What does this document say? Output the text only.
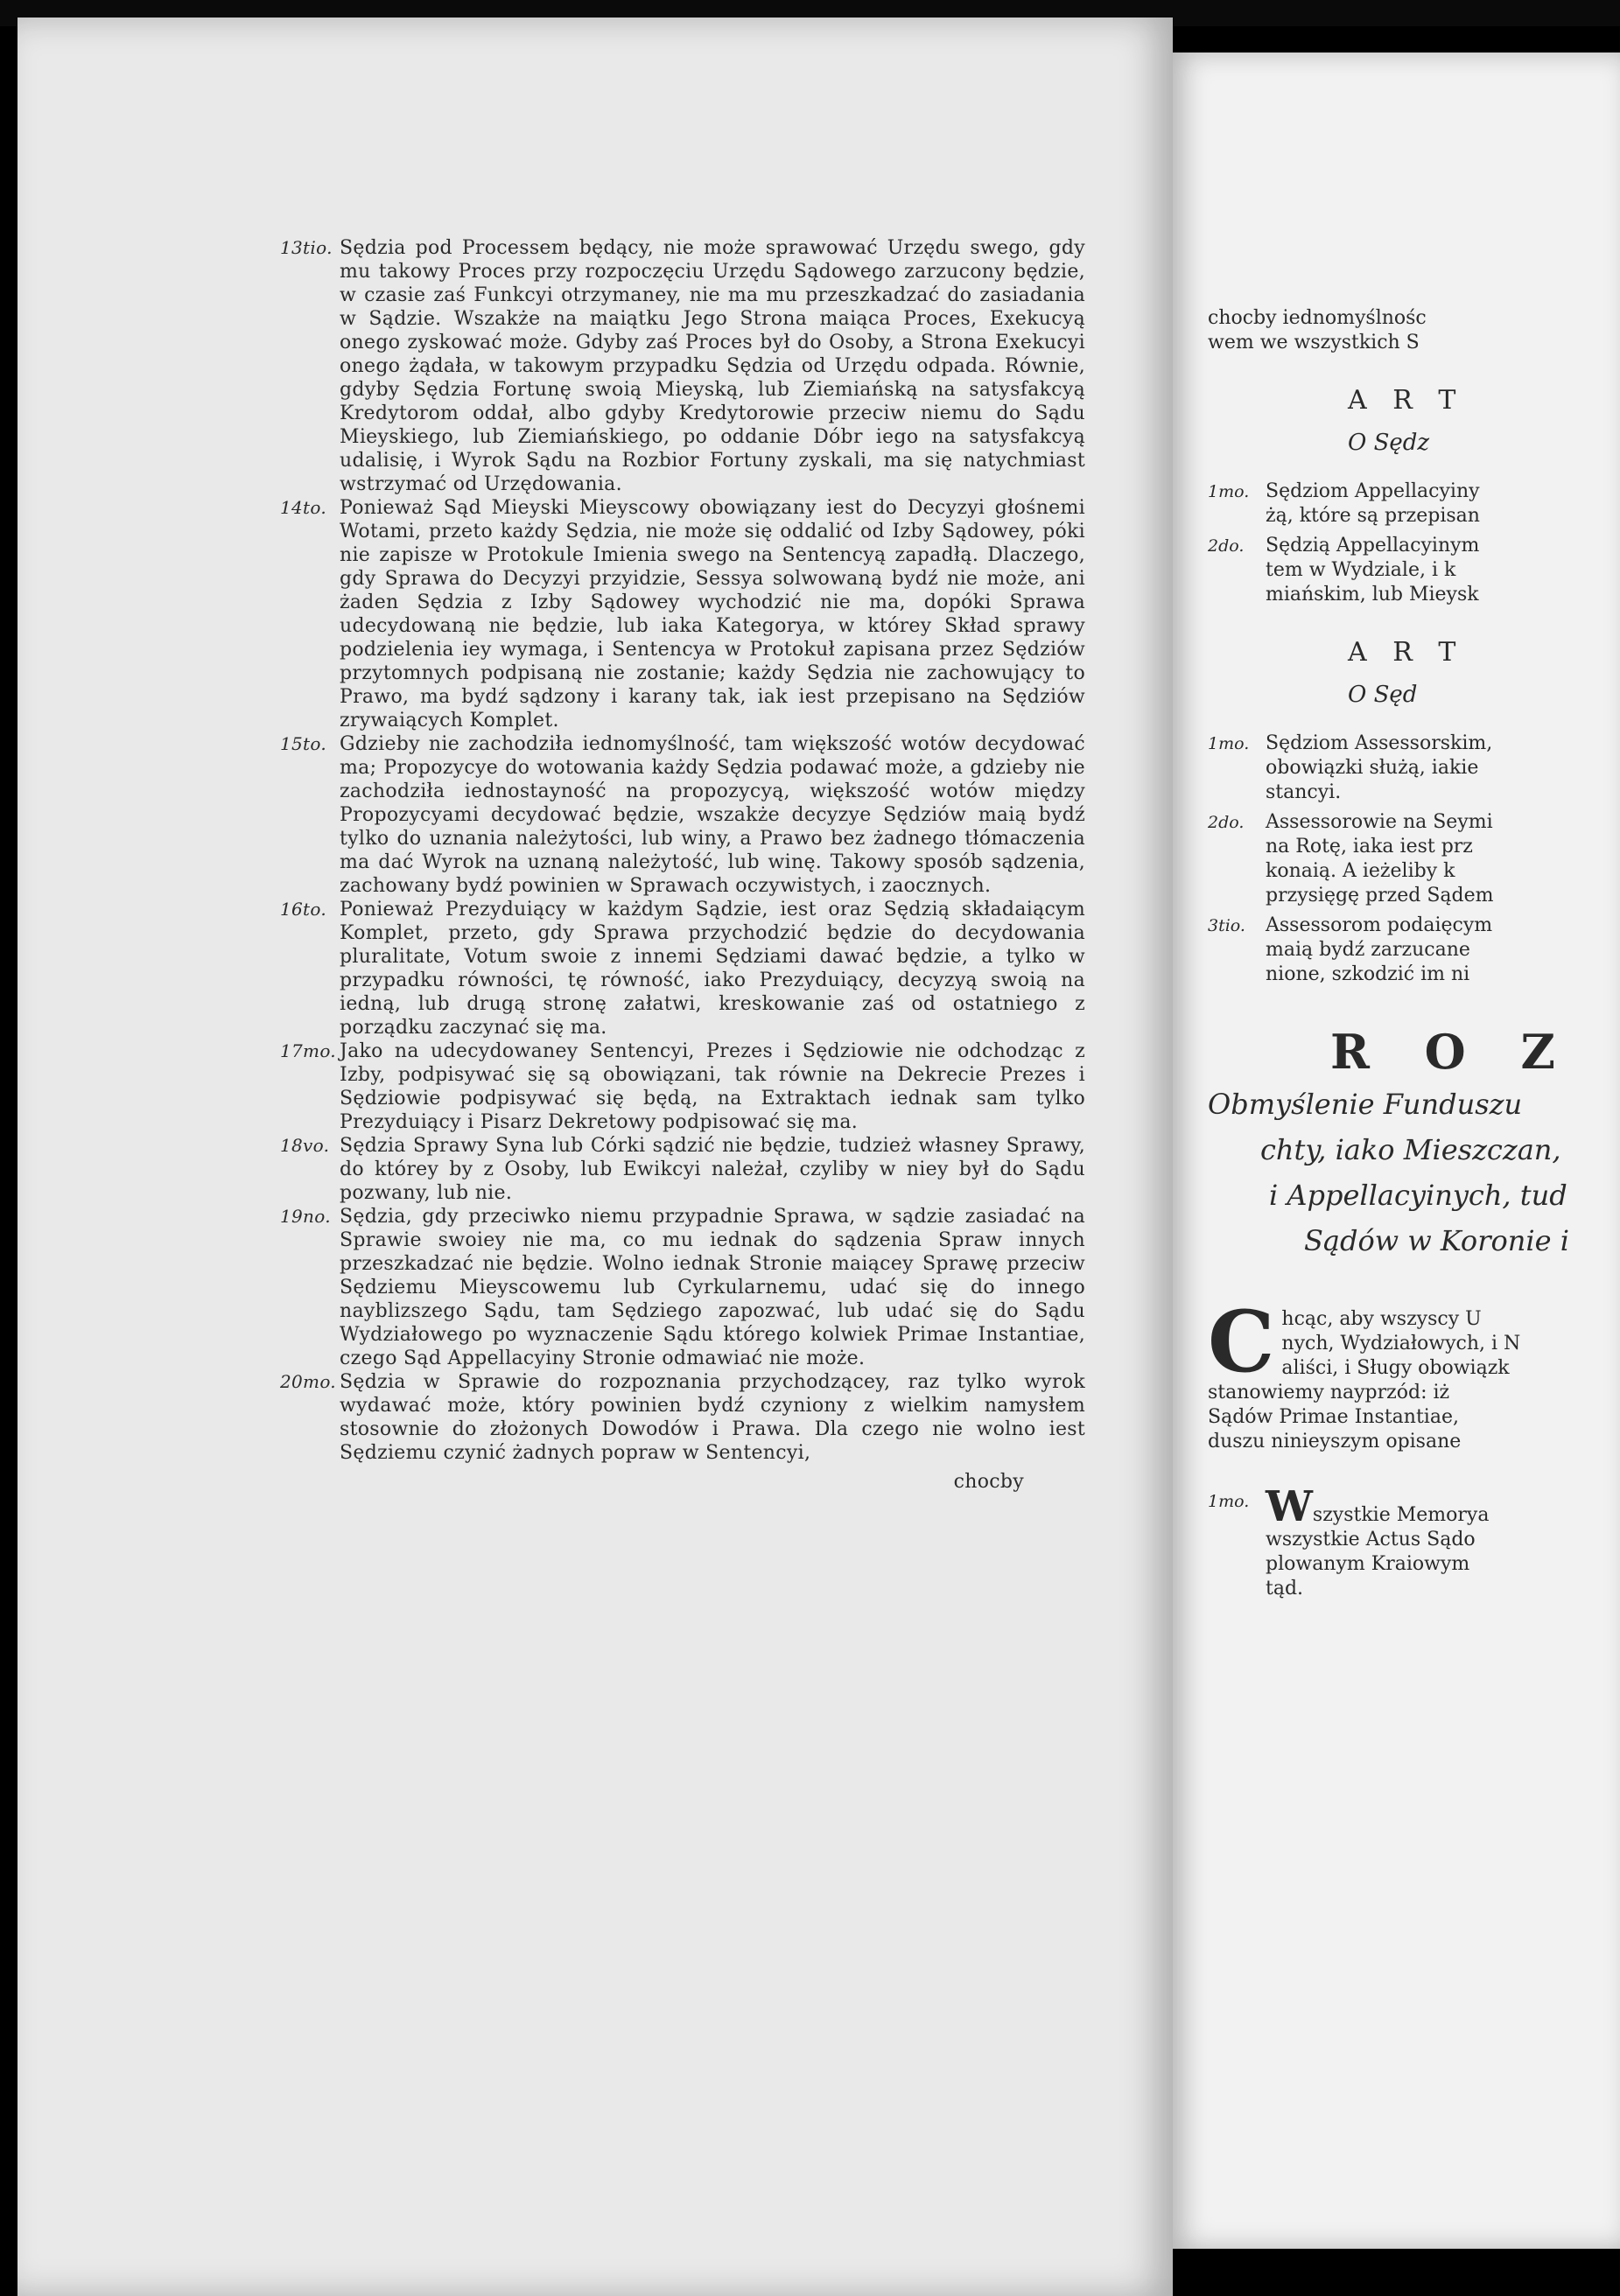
13tio. Sędzia pod Processem będący, nie może sprawować Urzędu swego, gdy mu takowy Proces przy rozpoczęciu Urzędu Sądowego zarzucony będzie, w czasie zaś Funkcyi otrzymaney, nie ma mu przeszkadzać do zasiadania w Sądzie. Wszakże na maiątku Jego Strona maiąca Proces, Exekucyą onego zyskować może. Gdyby zaś Proces był do Osoby, a Strona Exekucyi onego żądała, w takowym przypadku Sędzia od Urzędu odpada. Równie, gdyby Sędzia Fortunę swoią Mieyską, lub Ziemiańską na satysfakcyą Kredytorom oddał, albo gdyby Kredytorowie przeciw niemu do Sądu Mieyskiego, lub Ziemiańskiego, po oddanie Dóbr iego na satysfakcyą udalisię, i Wyrok Sądu na Rozbior Fortuny zyskali, ma się natychmiast wstrzymać od Urzędowania.
14to. Ponieważ Sąd Mieyski Mieyscowy obowiązany iest do Decyzyi głośnemi Wotami, przeto każdy Sędzia, nie może się oddalić od Izby Sądowey, póki nie zapisze w Protokule Imienia swego na Sentencyą zapadłą. Dlaczego, gdy Sprawa do Decyzyi przyidzie, Sessya solwowaną bydź nie może, ani żaden Sędzia z Izby Sądowey wychodzić nie ma, dopóki Sprawa udecydowaną nie będzie, lub iaka Kategorya, w którey Skład sprawy podzielenia iey wymaga, i Sentencya w Protokuł zapisana przez Sędziów przytomnych podpisaną nie zostanie; każdy Sędzia nie zachowujący to Prawo, ma bydź sądzony i karany tak, iak iest przepisano na Sędziów zrywaiących Komplet.
15to. Gdzieby nie zachodziła iednomyślność, tam większość wotów decydować ma; Propozycye do wotowania każdy Sędzia podawać może, a gdzieby nie zachodziła iednostayność na propozycyą, większość wotów między Propozycyami decydować będzie, wszakże decyzye Sędziów maią bydź tylko do uznania należytości, lub winy, a Prawo bez żadnego tłómaczenia ma dać Wyrok na uznaną należytość, lub winę. Takowy sposób sądzenia, zachowany bydź powinien w Sprawach oczywistych, i zaocznych.
16to. Ponieważ Prezyduiący w każdym Sądzie, iest oraz Sędzią składaiącym Komplet, przeto, gdy Sprawa przychodzić będzie do decydowania pluralitate, Votum swoie z innemi Sędziami dawać będzie, a tylko w przypadku równości, tę równość, iako Prezyduiący, decyzyą swoią na iedną, lub drugą stronę załatwi, kreskowanie zaś od ostatniego z porządku zaczynać się ma.
17mo. Jako na udecydowaney Sentencyi, Prezes i Sędziowie nie odchodząc z Izby, podpisywać się są obowiązani, tak równie na Dekrecie Prezes i Sędziowie podpisywać się będą, na Extraktach iednak sam tylko Prezyduiący i Pisarz Dekretowy podpisować się ma.
18vo. Sędzia Sprawy Syna lub Córki sądzić nie będzie, tudzież własney Sprawy, do którey by z Osoby, lub Ewikcyi należał, czyliby w niey był do Sądu pozwany, lub nie.
19no. Sędzia, gdy przeciwko niemu przypadnie Sprawa, w sądzie zasiadać na Sprawie swoiey nie ma, co mu iednak do sądzenia Spraw innych przeszkadzać nie będzie. Wolno iednak Stronie maiącey Sprawę przeciw Sędziemu Mieyscowemu lub Cyrkularnemu, udać się do innego nayblizszego Sądu, tam Sędziego zapozwać, lub udać się do Sądu Wydziałowego po wyznaczenie Sądu którego kolwiek Primae Instantiae, czego Sąd Appellacyiny Stronie odmawiać nie może.
20mo. Sędzia w Sprawie do rozpoznania przychodzącey, raz tylko wyrok wydawać może, który powinien bydź czyniony z wielkim namysłem stosownie do złożonych Dowodów i Prawa. Dla czego nie wolno iest Sędziemu czynić żadnych popraw w Sentencyi,
chocby
chocby iednomyślnośc
wem we wszystkich S
A R T
O Sędz
1mo. Sędziom Appellacyiny
żą, które są przepisan
2do.	Sędzią Appellacyinym
tem w Wydziale, i k
miańskim, lub Mieysk
A R T
O Sęd
1mo. Sędziom Assessorskim,
obowiązki służą, iakie
stancyi.
2do.	Assessorowie na Seymi
na Rotę, iaka iest prz
konaią. A ieżeliby k
przysięgę przed Sądem
3tio.	Assessorom podaięcym
maią bydź zarzucane
nione, szkodzić im ni
R O Z
Obmyślenie Funduszu
chty, iako Mieszczan,
i Appellacyinych, tud
Sądów w Koronie i
C hcąc, aby wszyscy U
nych, Wydziałowych, i N
aliści, i Sługy obowiązk
stanowiemy nayprzód: iż
Sądów Primae Instantiae,
duszu ninieyszym opisane
1mo. Wszystkie Memorya
wszystkie Actus Sądo
plowanym Kraiowym
tąd.
